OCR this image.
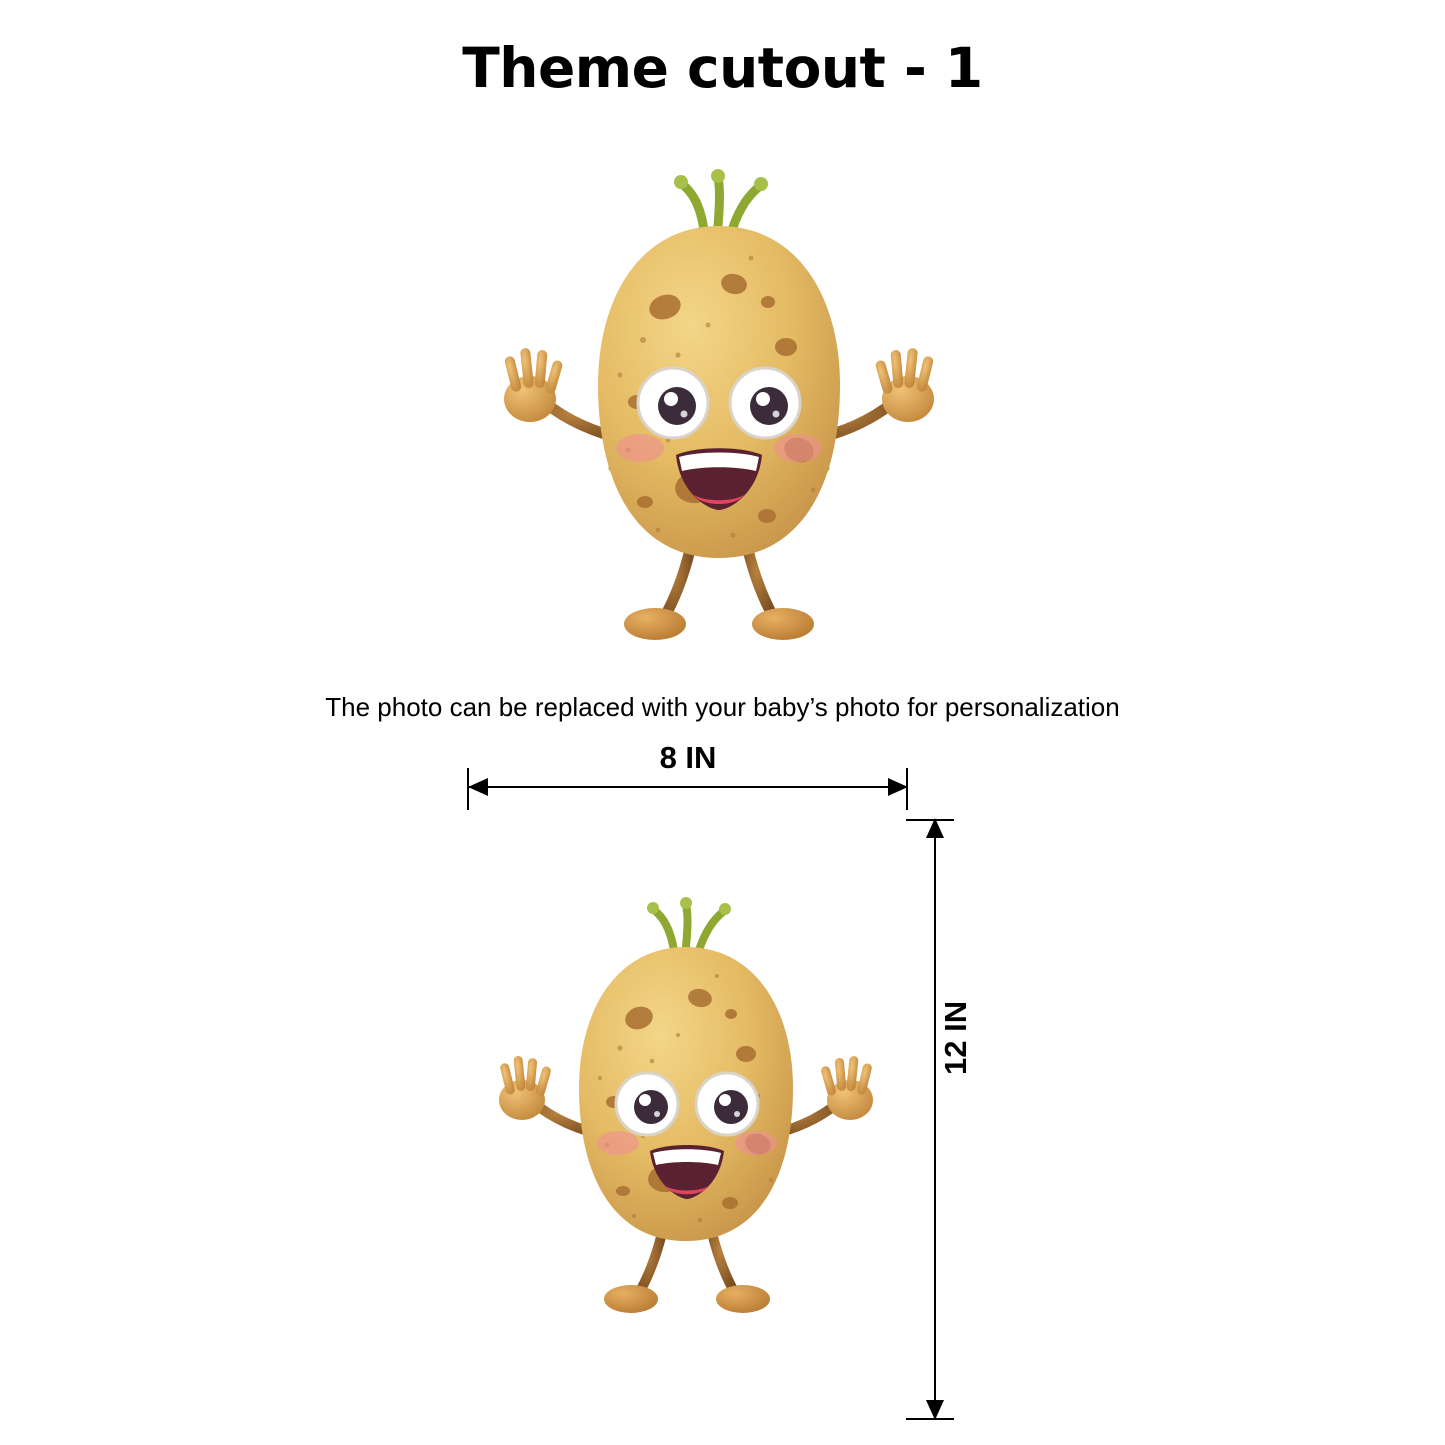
Theme cutout - 1
The photo can be replaced with your baby’s photo for personalization
8 IN
12 IN
